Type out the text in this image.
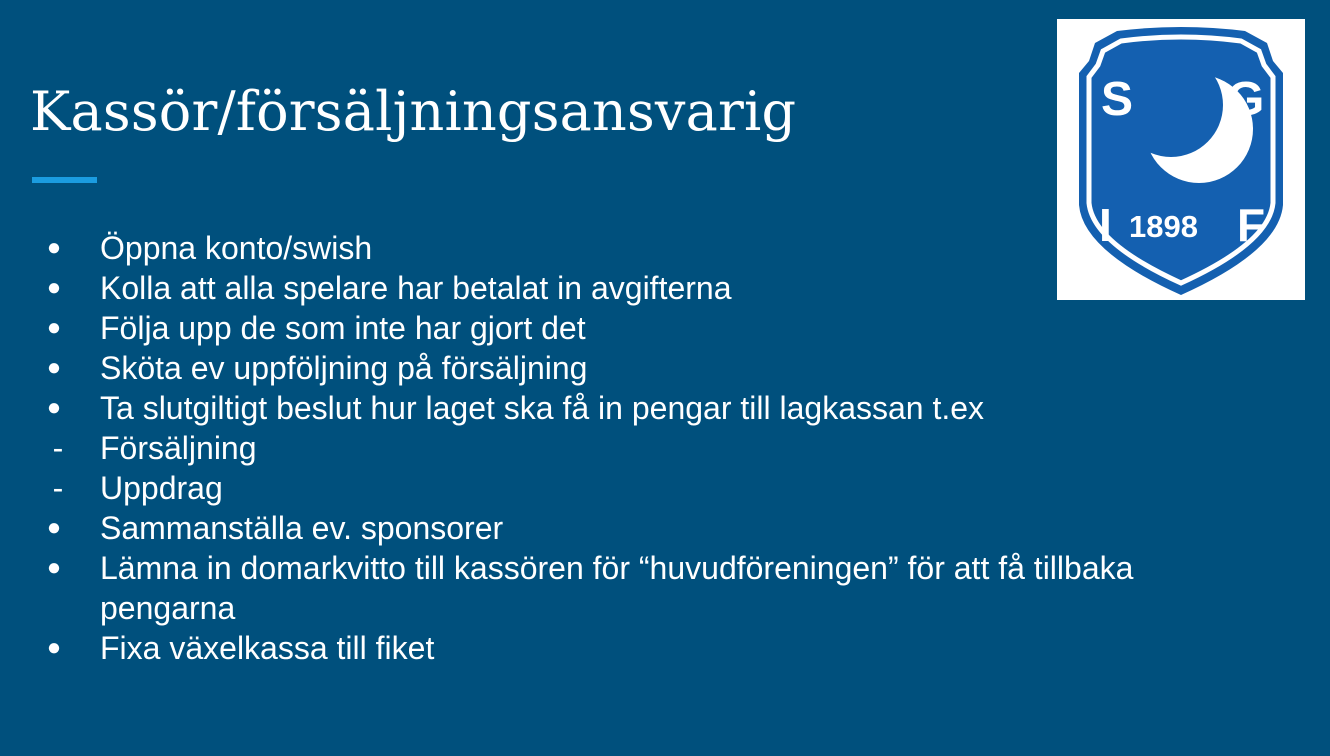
Kassör/försäljningsansvarig
● Öppna konto/swish
● Kolla att alla spelare har betalat in avgifterna
● Följa upp de som inte har gjort det
● Sköta ev uppföljning på försäljning
● Ta slutgiltigt beslut hur laget ska få in pengar till lagkassan t.ex
- Försäljning
- Uppdrag
● Sammanställa ev. sponsorer
● Lämna in domarkvitto till kassören för “huvudföreningen” för att få tillbaka
pengarna
● Fixa växelkassa till fiket
